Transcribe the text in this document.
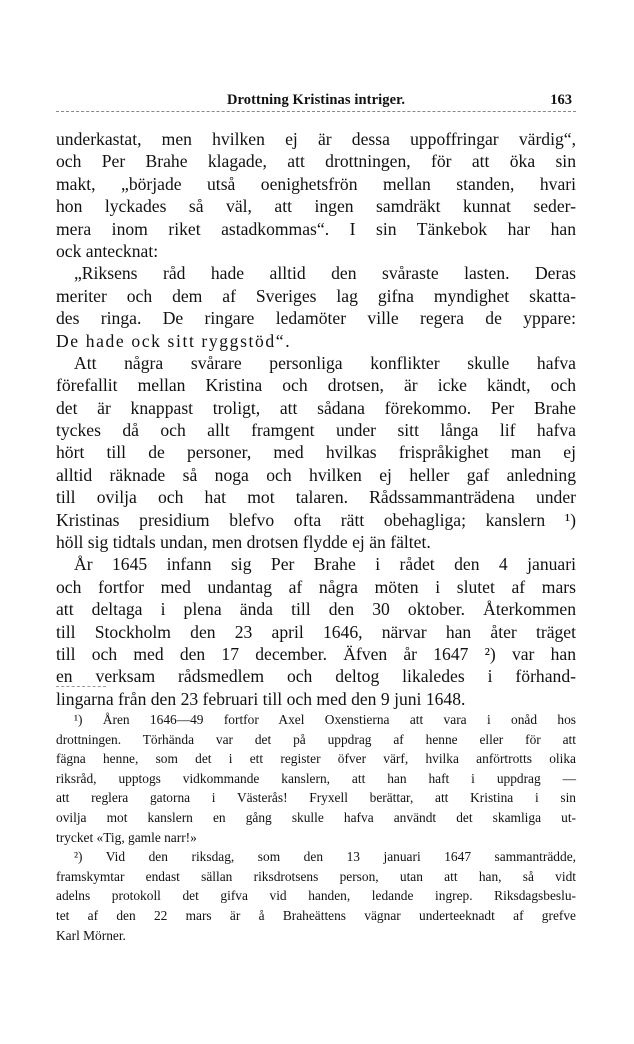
Drottning Kristinas intriger.	163
underkastat, men hvilken ej är dessa uppoffringar värdig“,
och Per Brahe klagade, att drottningen, för att öka sin
makt, „började utså oenighetsfrön mellan standen, hvari
hon lyckades så väl, att ingen samdräkt kunnat seder-
mera inom riket astadkommas“. I sin Tänkebok har han
ock antecknat:
„Riksens råd hade alltid den svåraste lasten. Deras
meriter och dem af Sveriges lag gifna myndighet skatta-
des ringa. De ringare ledamöter ville regera de yppare:
De hade ock sitt ryggstöd“.
Att några svårare personliga konflikter skulle hafva
förefallit mellan Kristina och drotsen, är icke kändt, och
det är knappast troligt, att sådana förekommo. Per Brahe
tyckes då och allt framgent under sitt långa lif hafva
hört till de personer, med hvilkas frispråkighet man ej
alltid räknade så noga och hvilken ej heller gaf anledning
till ovilja och hat mot talaren. Rådssammanträdena under
Kristinas presidium blefvo ofta rätt obehagliga; kanslern ¹)
höll sig tidtals undan, men drotsen flydde ej än fältet.
År 1645 infann sig Per Brahe i rådet den 4 januari
och fortfor med undantag af några möten i slutet af mars
att deltaga i plena ända till den 30 oktober. Återkommen
till Stockholm den 23 april 1646, närvar han åter träget
till och med den 17 december. Äfven år 1647 ²) var han
en verksam rådsmedlem och deltog likaledes i förhand-
lingarna från den 23 februari till och med den 9 juni 1648.
¹) Åren 1646—49 fortfor Axel Oxenstierna att vara i onåd hos
drottningen. Törhända var det på uppdrag af henne eller för att
fägna henne, som det i ett register öfver värf, hvilka anförtrotts olika
riksråd, upptogs vidkommande kanslern, att han haft i uppdrag —
att reglera gatorna i Västerås! Fryxell berättar, att Kristina i sin
ovilja mot kanslern en gång skulle hafva användt det skamliga ut-
trycket «Tig, gamle narr!»
²) Vid den riksdag, som den 13 januari 1647 sammanträdde,
framskymtar endast sällan riksdrotsens person, utan att han, så vidt
adelns protokoll det gifva vid handen, ledande ingrep. Riksdagsbeslu-
tet af den 22 mars är å Braheättens vägnar underteeknadt af grefve
Karl Mörner.
